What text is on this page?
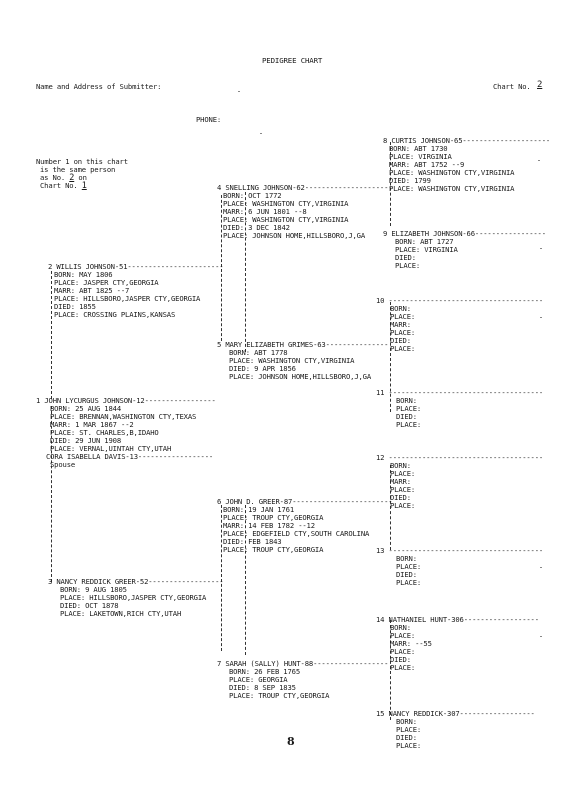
PEDIGREE CHART
Name and Address of Submitter:	Chart No. 2
PHONE:
Number 1 on this chart
is the same person
as No. 2 on
Chart No. 1
1 JOHN LYCURGUS JOHNSON-12-----------------
BORN: 25 AUG 1844
PLACE: BRENNAN,WASHINGTON CTY,TEXAS
MARR: 1 MAR 1867 --2
PLACE: ST. CHARLES,B,IDAHO
DIED: 29 JUN 1908
PLACE: VERNAL,UINTAH CTY,UTAH
CORA ISABELLA DAVIS-13------------------
Spouse
2 WILLIS JOHNSON-51-----------------------
BORN: MAY 1806
PLACE: JASPER CTY,GEORGIA
MARR: ABT 1825 --7
PLACE: HILLSBORO,JASPER CTY,GEORGIA
DIED: 1855
PLACE: CROSSING PLAINS,KANSAS
3 NANCY REDDICK GREER-52------------------
BORN: 9 AUG 1805
PLACE: HILLSBORO,JASPER CTY,GEORGIA
DIED: OCT 1878
PLACE: LAKETOWN,RICH CTY,UTAH
4 SNELLING JOHNSON-62---------------------
BORN: OCT 1772
PLACE: WASHINGTON CTY,VIRGINIA
MARR: 6 JUN 1801 --8
PLACE: WASHINGTON CTY,VIRGINIA
DIED: 3 DEC 1842
PLACE: JOHNSON HOME,HILLSBORO,J,GA
5 MARY ELIZABETH GRIMES-63---------------
BORN: ABT 1778
PLACE: WASHINGTON CTY,VIRGINIA
DIED: 9 APR 1856
PLACE: JOHNSON HOME,HILLSBORO,J,GA
6 JOHN D. GREER-87------------------------
BORN: 19 JAN 1761
PLACE: TROUP CTY,GEORGIA
MARR: 14 FEB 1782 --12
PLACE: EDGEFIELD CTY,SOUTH CAROLINA
DIED: FEB 1843
PLACE: TROUP CTY,GEORGIA
7 SARAH (SALLY) HUNT-88------------------
BORN: 26 FEB 1765
PLACE: GEORGIA
DIED: 8 SEP 1835
PLACE: TROUP CTY,GEORGIA
8 CURTIS JOHNSON-65---------------------
BORN: ABT 1730
PLACE: VIRGINIA
MARR: ABT 1752 --9
PLACE: WASHINGTON CTY,VIRGINIA
DIED: 1799
PLACE: WASHINGTON CTY,VIRGINIA
9 ELIZABETH JOHNSON-66-----------------
BORN: ABT 1727
PLACE: VIRGINIA
DIED:
PLACE:
10 -------------------------------------
BORN:
PLACE:
MARR:
PLACE:
DIED:
PLACE:
11 -------------------------------------
BORN:
PLACE:
DIED:
PLACE:
12 -------------------------------------
BORN:
PLACE:
MARR:
PLACE:
DIED:
PLACE:
13 -------------------------------------
BORN:
PLACE:
DIED:
PLACE:
14 NATHANIEL HUNT-306------------------
BORN:
PLACE:
MARR: --55
PLACE:
DIED:
PLACE:
15 NANCY REDDICK-307------------------
BORN:
PLACE:
DIED:
PLACE:
8
